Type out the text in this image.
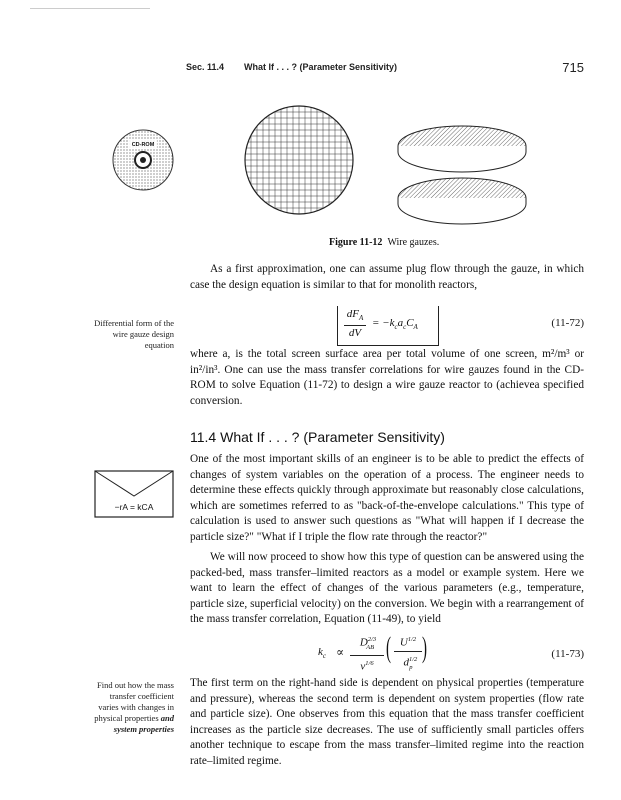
Sec. 11.4 What If . . . ? (Parameter Sensitivity)	715
CD-ROM
Figure 11-12 Wire gauzes.

As a first approximation, one can assume plug flow through the gauze, in which case the design equation is similar to that for monolith reactors,

Differential form of the wire gauze design equation
$dF_A$
dV
= $-k_ca_cC_A$	(11-72)

where a, is the total screen surface area per total volume of one screen, m²/m³ or in²/in³. One can use the mass transfer correlations for wire gauzes found in the CD-ROM to solve Equation (11-72) to design a wire gauze reactor to (achievea specified conversion.

11.4 What If . . . ? (Parameter Sensitivity)
−rA = kCA

One of the most important skills of an engineer is to be able to predict the effects of changes of system variables on the operation of a process. The engineer needs to determine these effects quickly through approximate but reasonably close calculations, which are sometimes referred to as "back-of-the-envelope calculations." This type of calculation is used to answer such questions as "What will happen if I decrease the particle size?" "What if I triple the flow rate through the reactor?"

We will now proceed to show how this type of question can be answered using the packed-bed, mass transfer–limited reactors as a model or example system. Here we want to learn the effect of changes of the various parameters (e.g., temperature, particle size, superficial velocity) on the conversion. We begin with a rearrangement of the mass transfer correlation, Equation (11-49), to yield

$k_c$ ∝
$D^{2/3}_{AB}$
$\nu^{1/6}$ ( $U^{1/2}$
$d^{1/2}_p$
)	(11-73)
Find out how the mass transfer coefficient varies with changes in physical properties and system properties

The first term on the right-hand side is dependent on physical properties (temperature and pressure), whereas the second term is dependent on system properties (flow rate and particle size). One observes from this equation that the mass transfer coefficient increases as the particle size decreases. The use of sufficiently small particles offers another technique to escape from the mass transfer–limited regime into the reaction rate–limited regime.
